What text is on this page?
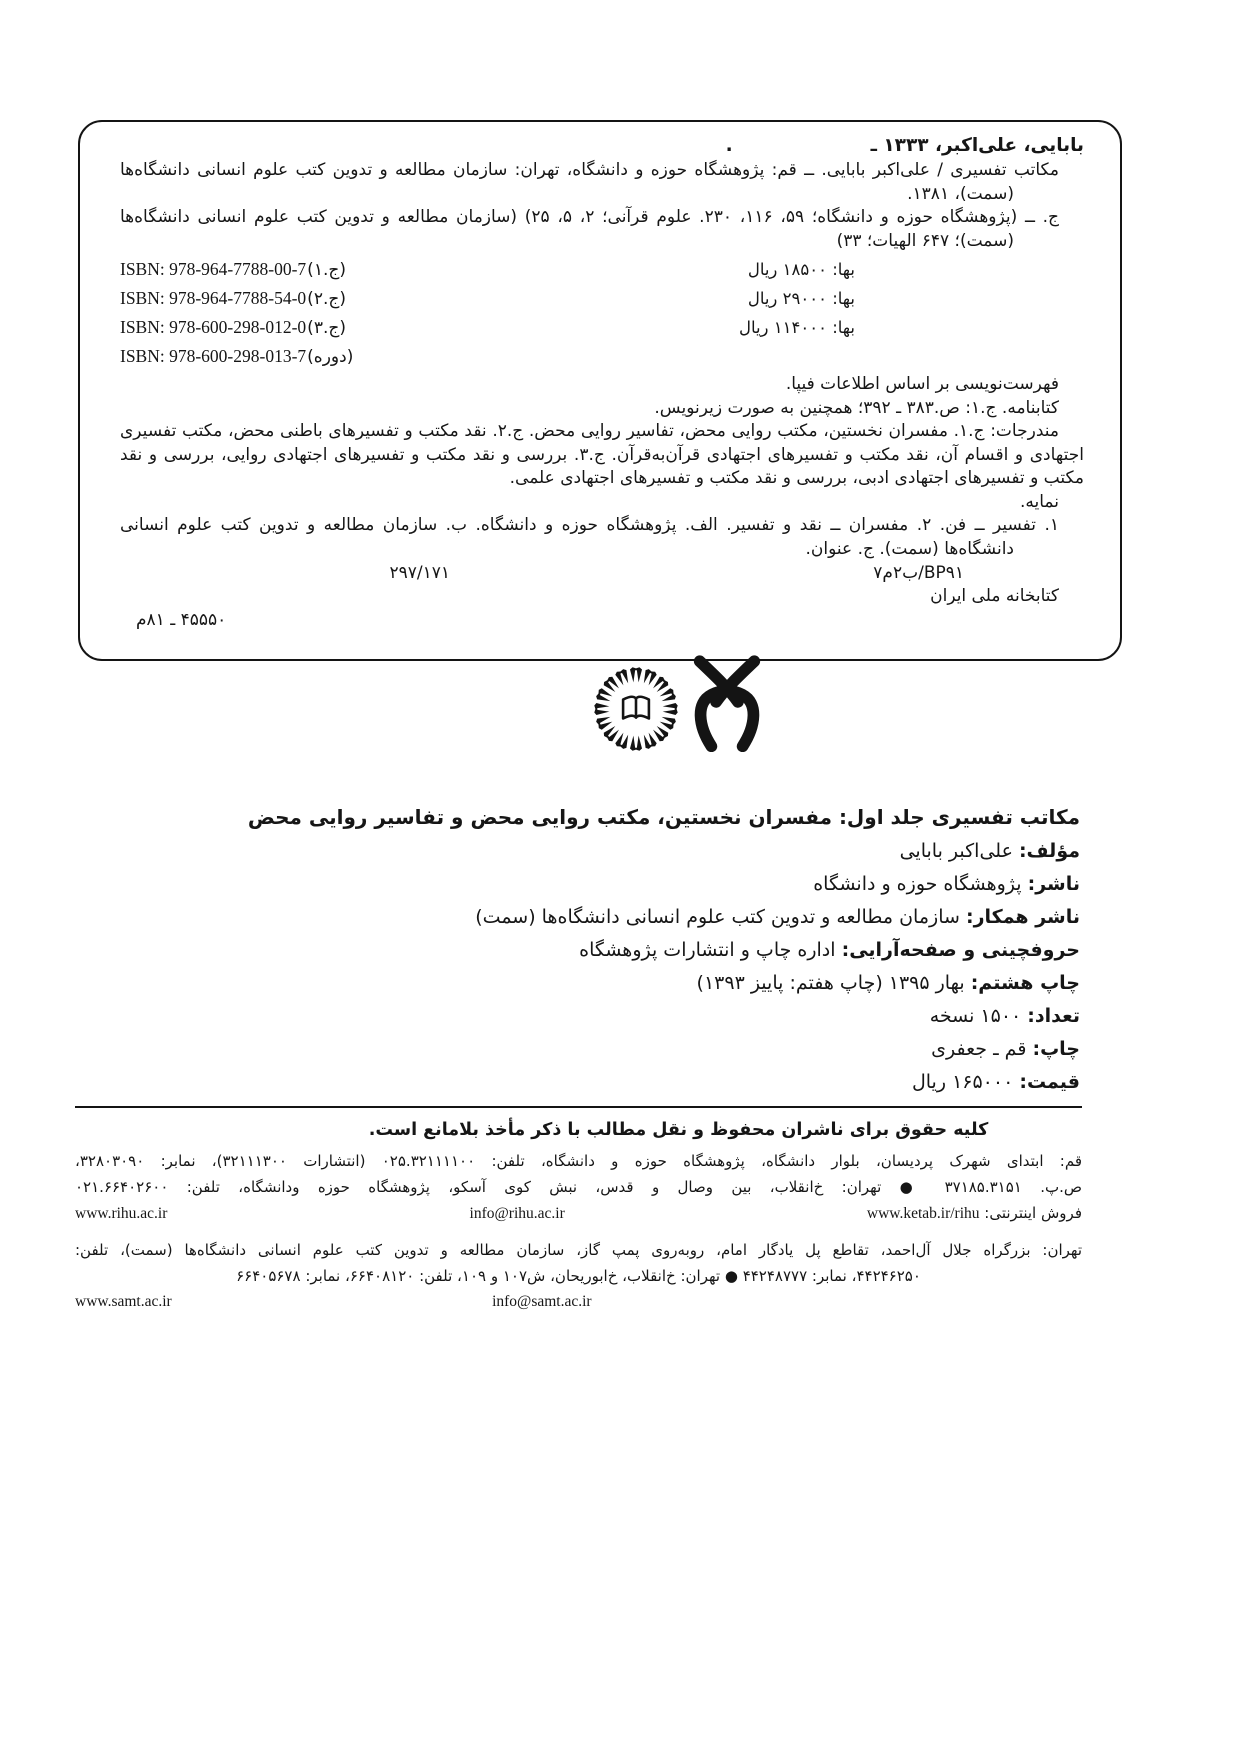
بابایی، علی‌اکبر، ۱۳۳۳ ـ
.

مکاتب تفسیری / علی‌اکبر بابایی. ــ قم: پژوهشگاه حوزه و دانشگاه، تهران: سازمان مطالعه و تدوین کتب علوم انسانی دانشگاه‌ها (سمت)، ۱۳۸۱.

ج. ــ (پژوهشگاه حوزه و دانشگاه؛ ۵۹، ۱۱۶، ۲۳۰. علوم قرآنی؛ ۲، ۵، ۲۵) (سازمان مطالعه و تدوین کتب علوم انسانی دانشگاه‌ها (سمت)؛ ۶۴۷ الهیات؛ ۳۳)

ISBN: 978-964-7788-00-7(ج.۱)	بها: ۱۸۵۰۰ ریال
ISBN: 978-964-7788-54-0(ج.۲)	بها: ۲۹۰۰۰ ریال
ISBN: 978-600-298-012-0(ج.۳)	بها: ۱۱۴۰۰۰ ریال
ISBN: 978-600-298-013-7(دوره)

فهرست‌نویسی بر اساس اطلاعات فیپا.

کتابنامه. ج.۱: ص.۳۸۳ ـ ۳۹۲؛ همچنین به صورت زیرنویس.

مندرجات: ج.۱. مفسران نخستین، مکتب روایی محض، تفاسیر روایی محض. ج.۲. نقد مکتب و تفسیرهای باطنی محض، مکتب تفسیری اجتهادی و اقسام آن، نقد مکتب و تفسیرهای اجتهادی قرآن‌به‌قرآن. ج.۳. بررسی و نقد مکتب و تفسیرهای اجتهادی روایی، بررسی و نقد مکتب و تفسیرهای اجتهادی ادبی، بررسی و نقد مکتب و تفسیرهای اجتهادی علمی.

نمایه.

۱. تفسیر ــ فن. ۲. مفسران ــ نقد و تفسیر. الف. پژوهشگاه حوزه و دانشگاه. ب. سازمان مطالعه و تدوین کتب علوم انسانی دانشگاه‌ها (سمت). ج. عنوان.

BP۹۱/ب۲م۷
۲۹۷/۱۷۱
کتابخانه ملی ایران
۴۵۵۵۰ ـ ۸۱م
مکاتب تفسیری جلد اول: مفسران نخستین، مکتب روایی محض و تفاسیر روایی محض
مؤلف: علی‌اکبر بابایی
ناشر: پژوهشگاه حوزه و دانشگاه
ناشر همکار: سازمان مطالعه و تدوین کتب علوم انسانی دانشگاه‌ها (سمت)
حروفچینی و صفحه‌آرایی: اداره چاپ و انتشارات پژوهشگاه
چاپ هشتم: بهار ۱۳۹۵ (چاپ هفتم: پاییز ۱۳۹۳)
تعداد: ۱۵۰۰ نسخه
چاپ: قم ـ جعفری
قیمت: ۱۶۵۰۰۰ ریال
کلیه حقوق برای ناشران محفوظ و نقل مطالب با ذکر مأخذ بلامانع است.
قم: ابتدای شهرک پردیسان، بلوار دانشگاه، پژوهشگاه حوزه و دانشگاه، تلفن: ۰۲۵.۳۲۱۱۱۱۰۰ (انتشارات ۳۲۱۱۱۳۰۰)، نمابر: ۳۲۸۰۳۰۹۰،
ص.پ. ۳۷۱۸۵.۳۱۵۱ ● تهران: خ‌انقلاب، بین وصال و قدس، نبش کوی آسکو، پژوهشگاه حوزه ودانشگاه، تلفن: ۰۲۱.۶۶۴۰۲۶۰۰
فروش اینترنتی: www.ketab.ir/rihu
info@rihu.ac.ir
www.rihu.ac.ir
تهران: بزرگراه جلال آل‌احمد، تقاطع پل یادگار امام، روبه‌روی پمپ گاز، سازمان مطالعه و تدوین کتب علوم انسانی دانشگاه‌ها (سمت)، تلفن:
۴۴۲۴۶۲۵۰، نمابر: ۴۴۲۴۸۷۷۷ ● تهران: خ‌انقلاب، خ‌ابوریحان، ش۱۰۷ و ۱۰۹، تلفن: ۶۶۴۰۸۱۲۰، نمابر: ۶۶۴۰۵۶۷۸
www.samt.ac.ir	info@samt.ac.ir
